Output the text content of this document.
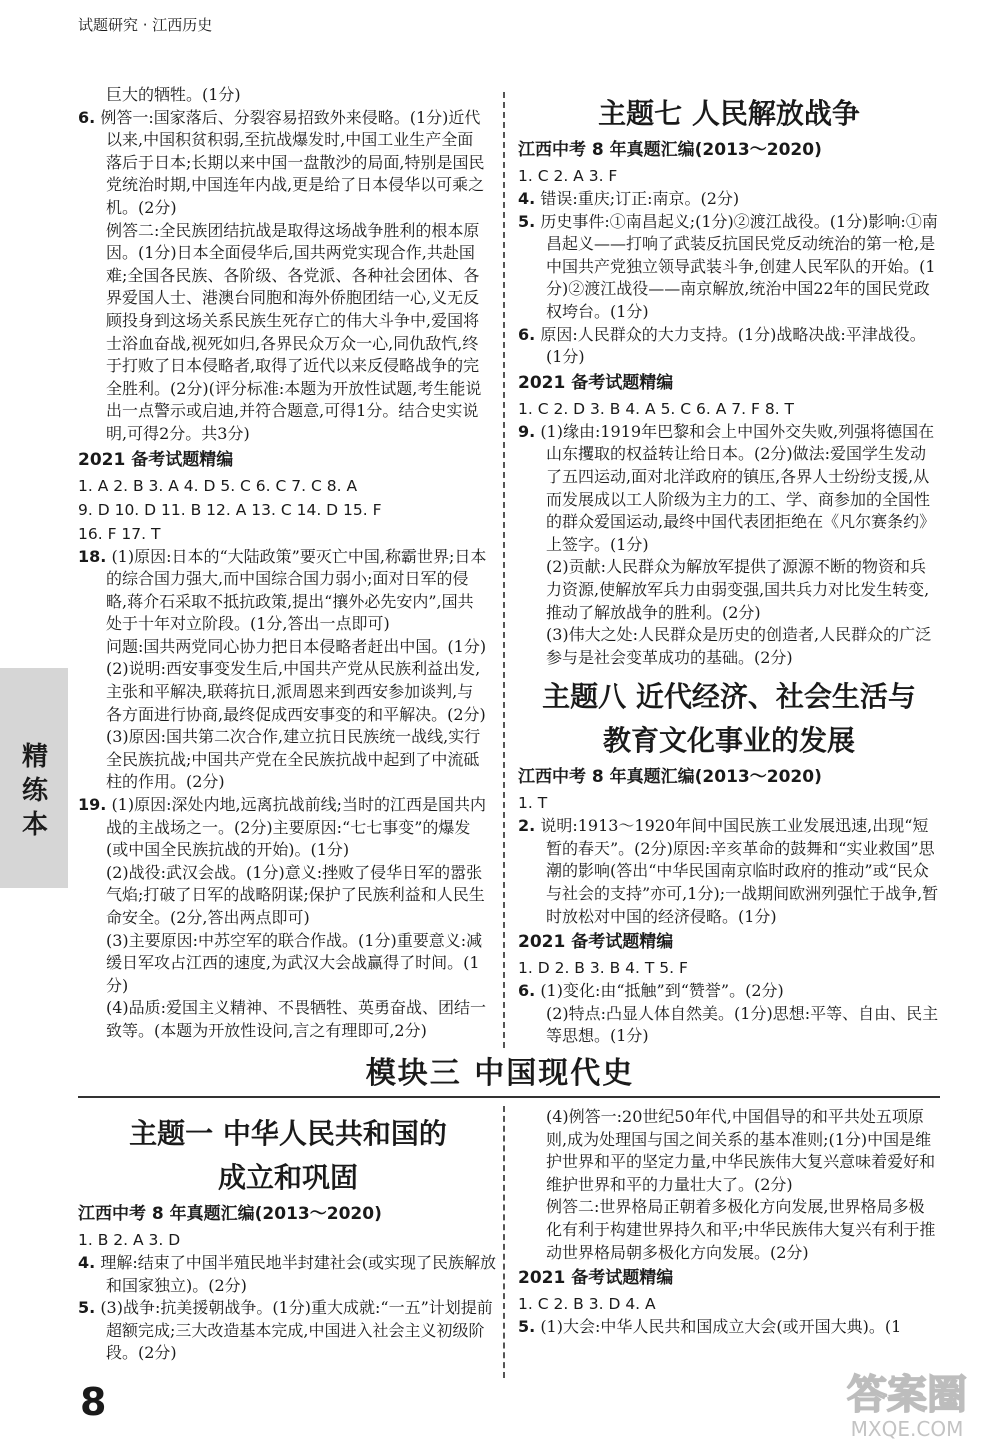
试题研究 · 江西历史
精练本

巨大的牺牲。(1分)

6. 例答一:国家落后、分裂容易招致外来侵略。(1分)近代以来,中国积贫积弱,至抗战爆发时,中国工业生产全面落后于日本;长期以来中国一盘散沙的局面,特别是国民党统治时期,中国连年内战,更是给了日本侵华以可乘之机。(2分)

例答二:全民族团结抗战是取得这场战争胜利的根本原因。(1分)日本全面侵华后,国共两党实现合作,共赴国难;全国各民族、各阶级、各党派、各种社会团体、各界爱国人士、港澳台同胞和海外侨胞团结一心,义无反顾投身到这场关系民族生死存亡的伟大斗争中,爱国将士浴血奋战,视死如归,各界民众万众一心,同仇敌忾,终于打败了日本侵略者,取得了近代以来反侵略战争的完全胜利。(2分)(评分标准:本题为开放性试题,考生能说出一点警示或启迪,并符合题意,可得1分。结合史实说明,可得2分。共3分)

2021 备考试题精编

1. A 2. B 3. A 4. D 5. C 6. C 7. C 8. A

9. D 10. D 11. B 12. A 13. C 14. D 15. F

16. F 17. T

18. (1)原因:日本的“大陆政策”要灭亡中国,称霸世界;日本的综合国力强大,而中国综合国力弱小;面对日军的侵略,蒋介石采取不抵抗政策,提出“攘外必先安内”,国共处于十年对立阶段。(1分,答出一点即可)

问题:国共两党同心协力把日本侵略者赶出中国。(1分)

(2)说明:西安事变发生后,中国共产党从民族利益出发,主张和平解决,联蒋抗日,派周恩来到西安参加谈判,与各方面进行协商,最终促成西安事变的和平解决。(2分)

(3)原因:国共第二次合作,建立抗日民族统一战线,实行全民族抗战;中国共产党在全民族抗战中起到了中流砥柱的作用。(2分)

19. (1)原因:深处内地,远离抗战前线;当时的江西是国共内战的主战场之一。(2分)主要原因:“七七事变”的爆发(或中国全民族抗战的开始)。(1分)

(2)战役:武汉会战。(1分)意义:挫败了侵华日军的嚣张气焰;打破了日军的战略阴谋;保护了民族利益和人民生命安全。(2分,答出两点即可)

(3)主要原因:中苏空军的联合作战。(1分)重要意义:减缓日军攻占江西的速度,为武汉大会战赢得了时间。(1分)

(4)品质:爱国主义精神、不畏牺牲、英勇奋战、团结一致等。(本题为开放性设问,言之有理即可,2分)

主题七 人民解放战争

江西中考 8 年真题汇编(2013～2020)

1. C 2. A 3. F

4. 错误:重庆;订正:南京。(2分)

5. 历史事件:①南昌起义;(1分)②渡江战役。(1分)影响:①南昌起义——打响了武装反抗国民党反动统治的第一枪,是中国共产党独立领导武装斗争,创建人民军队的开始。(1分)②渡江战役——南京解放,统治中国22年的国民党政权垮台。(1分)

6. 原因:人民群众的大力支持。(1分)战略决战:平津战役。(1分)

2021 备考试题精编

1. C 2. D 3. B 4. A 5. C 6. A 7. F 8. T

9. (1)缘由:1919年巴黎和会上中国外交失败,列强将德国在山东攫取的权益转让给日本。(2分)做法:爱国学生发动了五四运动,面对北洋政府的镇压,各界人士纷纷支援,从而发展成以工人阶级为主力的工、学、商参加的全国性的群众爱国运动,最终中国代表团拒绝在《凡尔赛条约》上签字。(1分)

(2)贡献:人民群众为解放军提供了源源不断的物资和兵力资源,使解放军兵力由弱变强,国共兵力对比发生转变,推动了解放战争的胜利。(2分)

(3)伟大之处:人民群众是历史的创造者,人民群众的广泛参与是社会变革成功的基础。(2分)

主题八 近代经济、社会生活与
教育文化事业的发展

江西中考 8 年真题汇编(2013～2020)

1. T

2. 说明:1913～1920年间中国民族工业发展迅速,出现“短暂的春天”。(2分)原因:辛亥革命的鼓舞和“实业救国”思潮的影响(答出“中华民国南京临时政府的推动”或“民众与社会的支持”亦可,1分);一战期间欧洲列强忙于战争,暂时放松对中国的经济侵略。(1分)

2021 备考试题精编

1. D 2. B 3. B 4. T 5. F

6. (1)变化:由“抵触”到“赞誉”。(2分)

(2)特点:凸显人体自然美。(1分)思想:平等、自由、民主等思想。(1分)

模块三 中国现代史
主题一 中华人民共和国的
成立和巩固

江西中考 8 年真题汇编(2013～2020)

1. B 2. A 3. D

4. 理解:结束了中国半殖民地半封建社会(或实现了民族解放和国家独立)。(2分)

5. (3)战争:抗美援朝战争。(1分)重大成就:“一五”计划提前超额完成;三大改造基本完成,中国进入社会主义初级阶段。(2分)

(4)例答一:20世纪50年代,中国倡导的和平共处五项原则,成为处理国与国之间关系的基本准则;(1分)中国是维护世界和平的坚定力量,中华民族伟大复兴意味着爱好和维护世界和平的力量壮大了。(2分)

例答二:世界格局正朝着多极化方向发展,世界格局多极化有利于构建世界持久和平;中华民族伟大复兴有利于推动世界格局朝多极化方向发展。(2分)

2021 备考试题精编

1. C 2. B 3. D 4. A

5. (1)大会:中华人民共和国成立大会(或开国大典)。(1

8	答案圈
MXQE.COM
